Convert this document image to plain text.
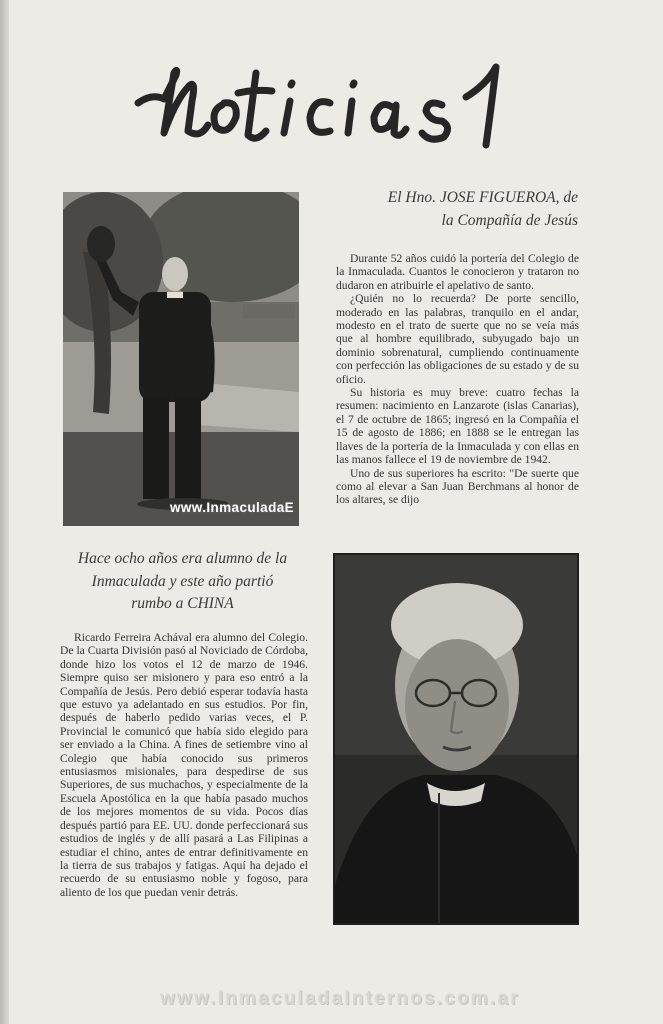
El Hno. JOSE FIGUEROA, de
la Compañía de Jesús

Durante 52 años cuidó la portería del Colegio de la Inmaculada. Cuantos le conocieron y trataron no dudaron en atribuirle el apelativo de santo.

¿Quién no lo recuerda? De porte sencillo, moderado en las palabras, tranquilo en el andar, modesto en el trato de suerte que no se veía más que al hombre equilibrado, subyugado bajo un dominio sobrenatural, cumpliendo continuamente con perfección las obligaciones de su estado y de su oficio.

Su historia es muy breve: cuatro fechas la resumen: nacimiento en Lanzarote (islas Canarias), el 7 de octubre de 1865; ingresó en la Compañía el 15 de agosto de 1886; en 1888 se le entregan las llaves de la portería de la Inmaculada y con ellas en las manos fallece el 19 de noviembre de 1942.

Uno de sus superiores ha escrito: "De suerte que como al elevar a San Juan Berchmans al honor de los altares, se dijo

Hace ocho años era alumno de la
Inmaculada y este año partió
rumbo a CHINA

Ricardo Ferreira Achával era alumno del Colegio. De la Cuarta División pasó al Noviciado de Córdoba, donde hizo los votos el 12 de marzo de 1946. Siempre quiso ser misionero y para eso entró a la Compañía de Jesús. Pero debió esperar todavía hasta que estuvo ya adelantado en sus estudios. Por fin, después de haberlo pedido varias veces, el P. Provincial le comunicó que había sido elegido para ser enviado a la China. A fines de setiembre vino al Colegio que había conocido sus primeros entusiasmos misionales, para despedirse de sus Superiores, de sus muchachos, y especialmente de la Escuela Apostólica en la que había pasado muchos de los mejores momentos de su vida. Pocos días después partió para EE. UU. donde perfeccionará sus estudios de inglés y de allí pasará a Las Filipinas a estudiar el chino, antes de entrar definitivamente en la tierra de sus trabajos y fatigas. Aquí ha dejado el recuerdo de su entusiasmo noble y fogoso, para aliento de los que puedan venir detrás.

www.InmaculadaE
www.InmaculadaInternos.com.ar
